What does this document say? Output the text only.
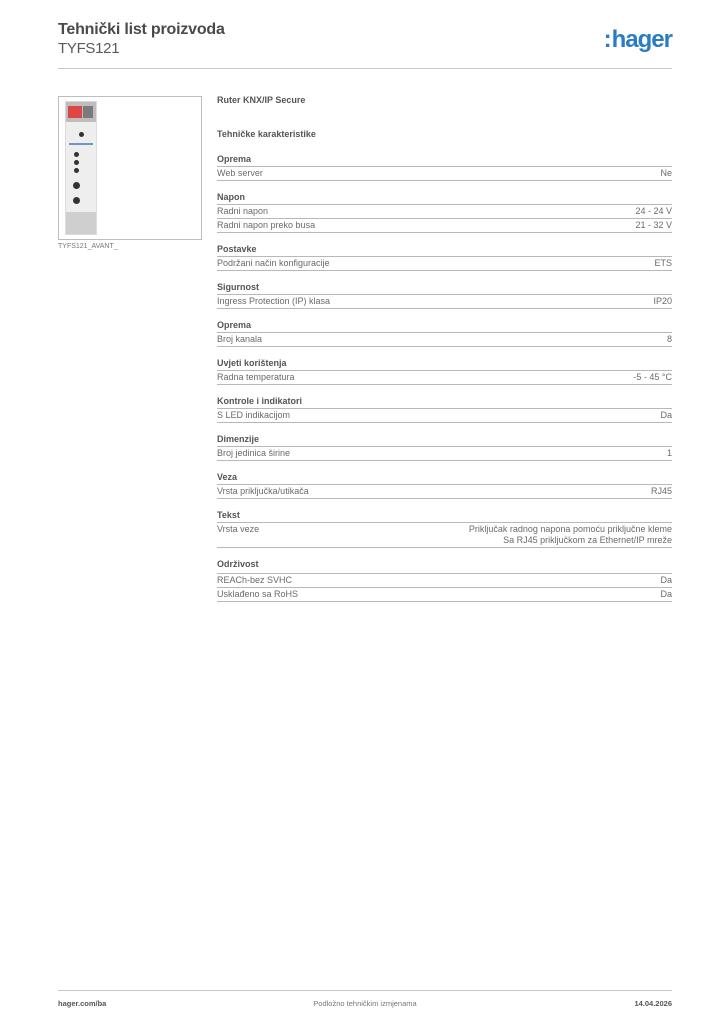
Tehnički list proizvoda
TYFS121	:hager
TYFS121_AVANT_
Ruter KNX/IP Secure
Tehničke karakteristike
Oprema
Web server	Ne
Napon
Radni napon	24 - 24 V
Radni napon preko busa	21 - 32 V
Postavke
Podržani način konfiguracije	ETS
Sigurnost
Ingress Protection (IP) klasa	IP20
Oprema
Broj kanala	8
Uvjeti korištenja
Radna temperatura	-5 - 45 °C
Kontrole i indikatori
S LED indikacijom	Da
Dimenzije
Broj jedinica širine	1
Veza
Vrsta priključka/utikača	RJ45
Tekst
Vrsta veze	Priključak radnog napona pomoću priključne kleme
Sa RJ45 priključkom za Ethernet/IP mreže
Održivost
REACh-bez SVHC	Da
Usklađeno sa RoHS	Da
hager.com/ba	Podložno tehničkim izmjenama	14.04.2026
